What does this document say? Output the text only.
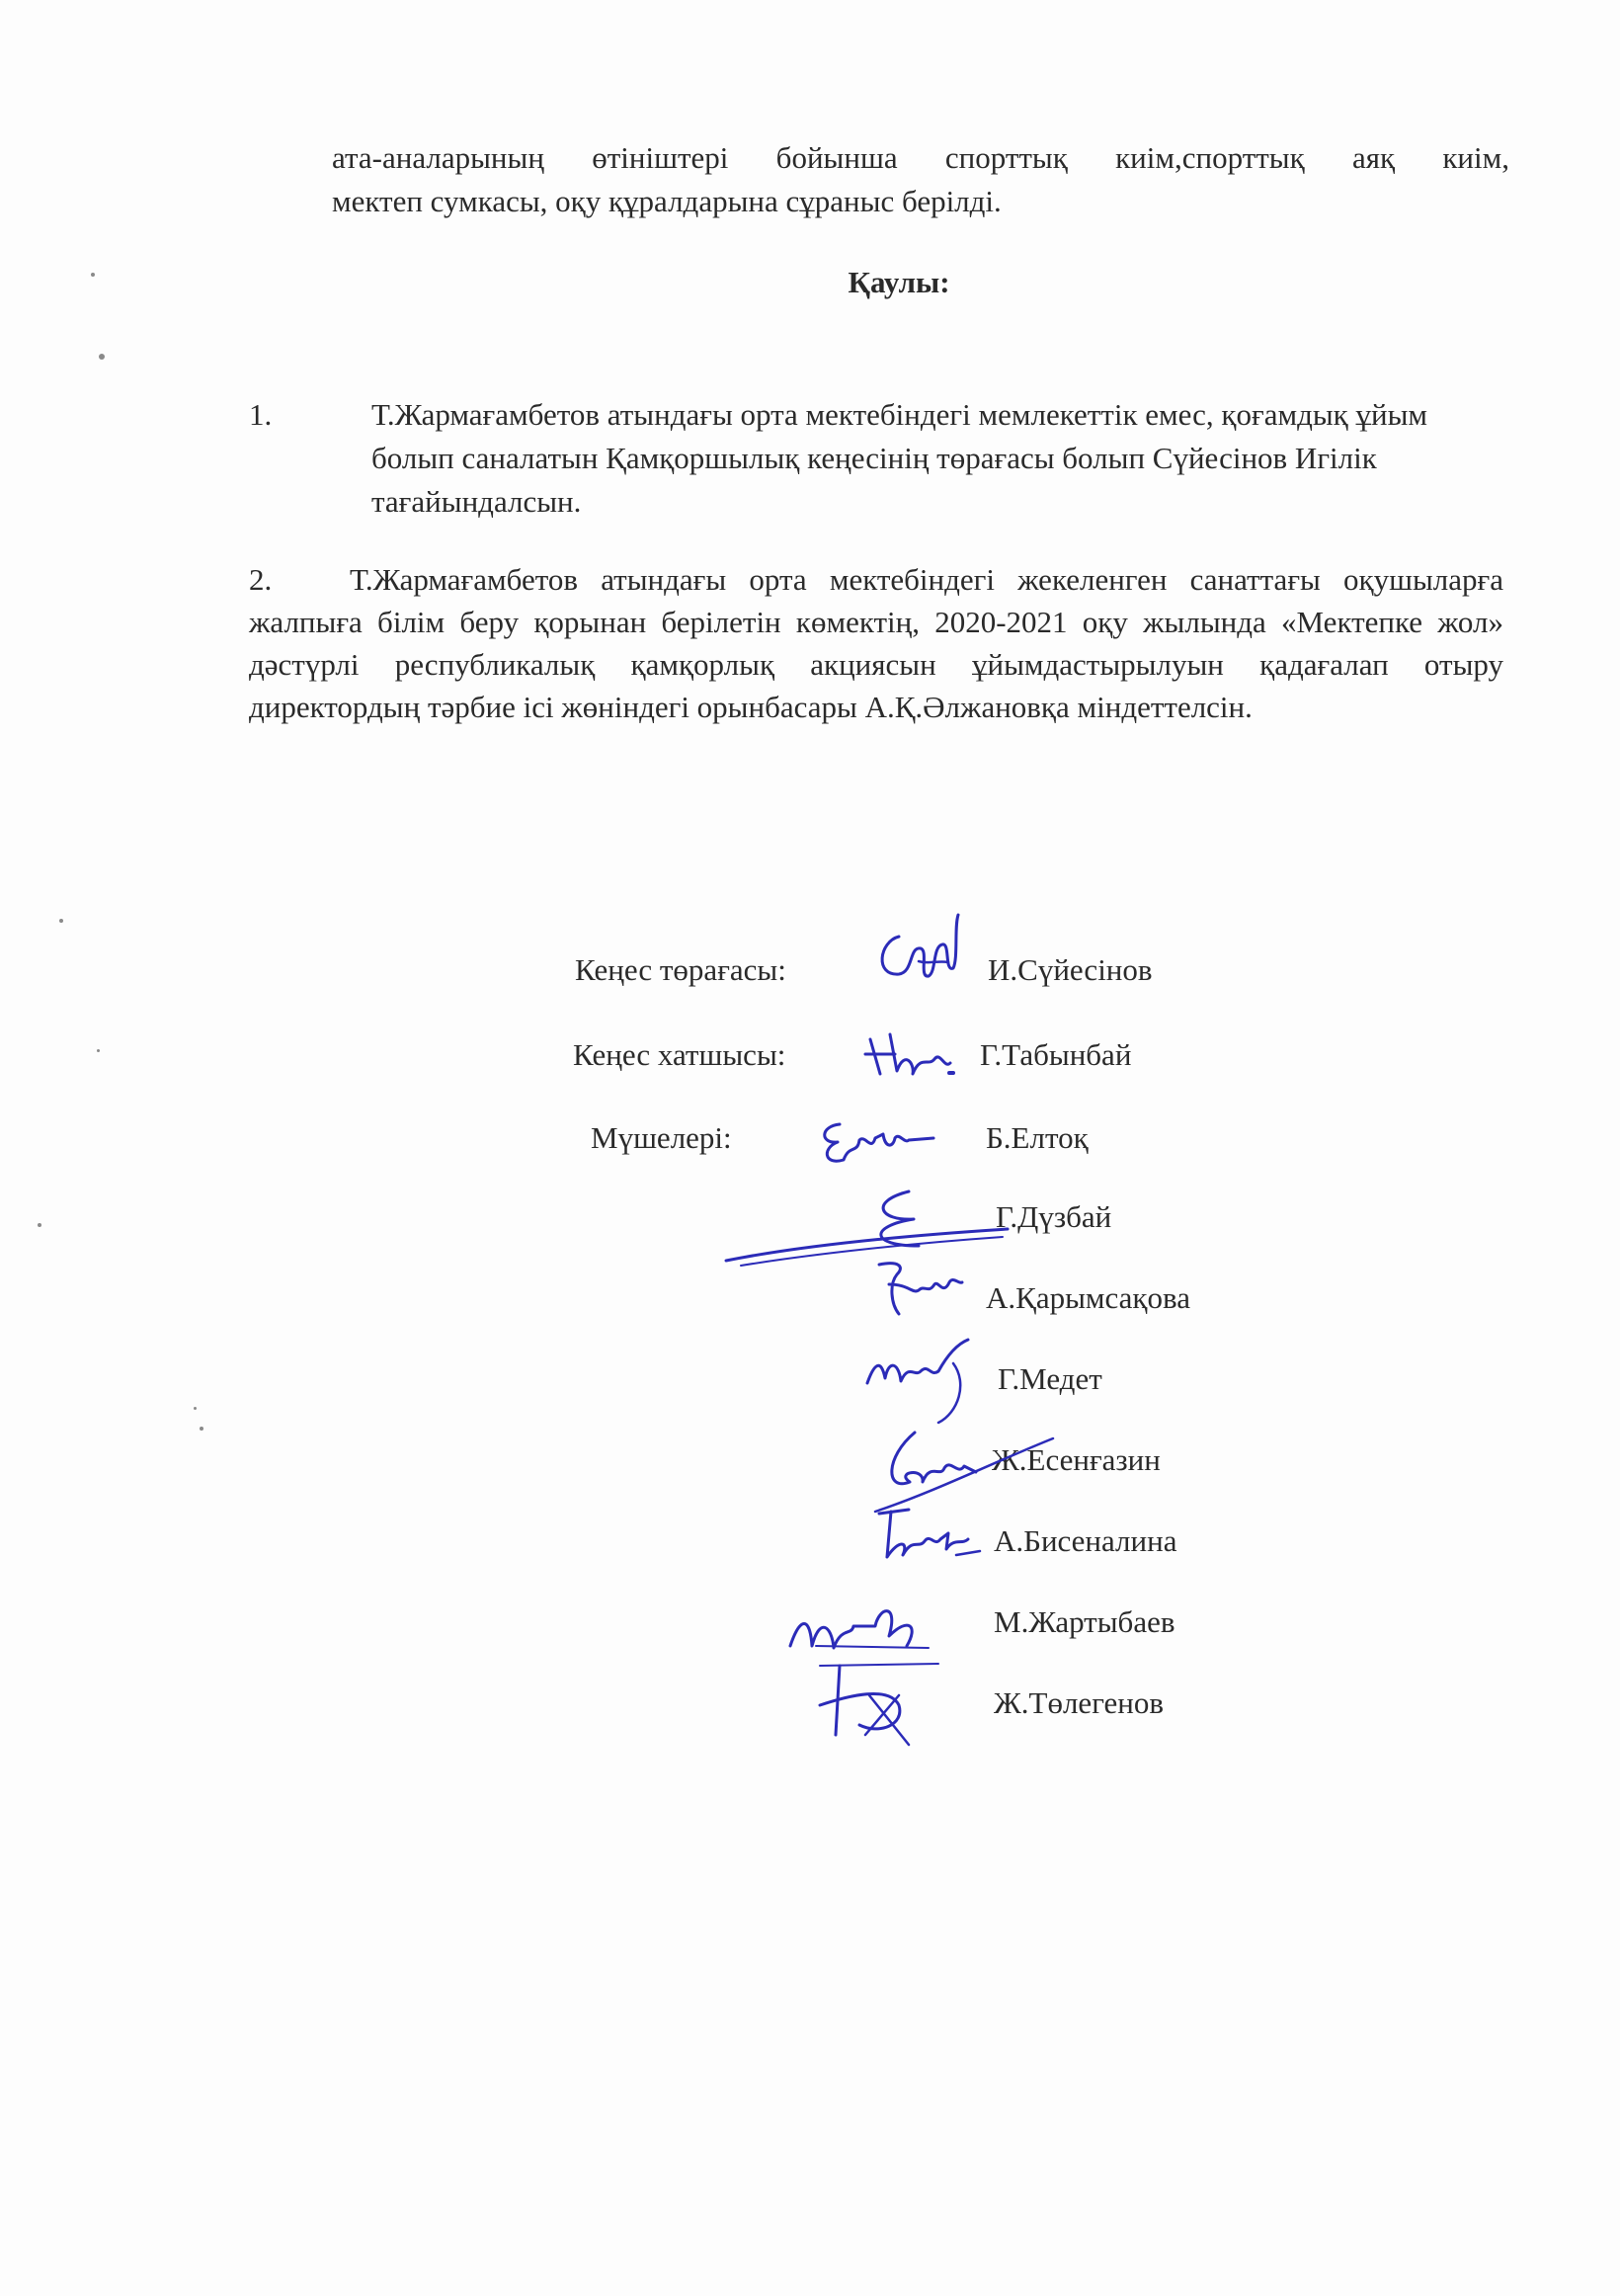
ата-аналарының өтініштері бойынша спорттық киім,спорттық аяқ киім,
мектеп сумкасы, оқу құралдарына сұраныс берілді.
Қаулы:
1.	Т.Жармағамбетов атындағы орта мектебіндегі мемлекеттік емес, қоғамдық ұйым болып саналатын Қамқоршылық кеңесінің төрағасы болып Сүйесінов Игілік тағайындалсын.
2.	Т.Жармағамбетов атындағы орта мектебіндегі жекеленген санаттағы оқушыларға жалпыға білім беру қорынан берілетін көмектің, 2020-2021 оқу жылында «Мектепке жол» дәстүрлі республикалық қамқорлық акциясын ұйымдастырылуын қадағалап отыру директордың тәрбие ісі жөніндегі орынбасары А.Қ.Әлжановқа міндеттелсін.
Кеңес төрағасы:	И.Сүйесінов
Кеңес хатшысы:	Г.Табынбай
Мүшелері:	Б.Елтоқ
Г.Дүзбай
А.Қарымсақова
Г.Медет
Ж.Есенғазин
А.Бисеналина
М.Жартыбаев
Ж.Төлегенов
